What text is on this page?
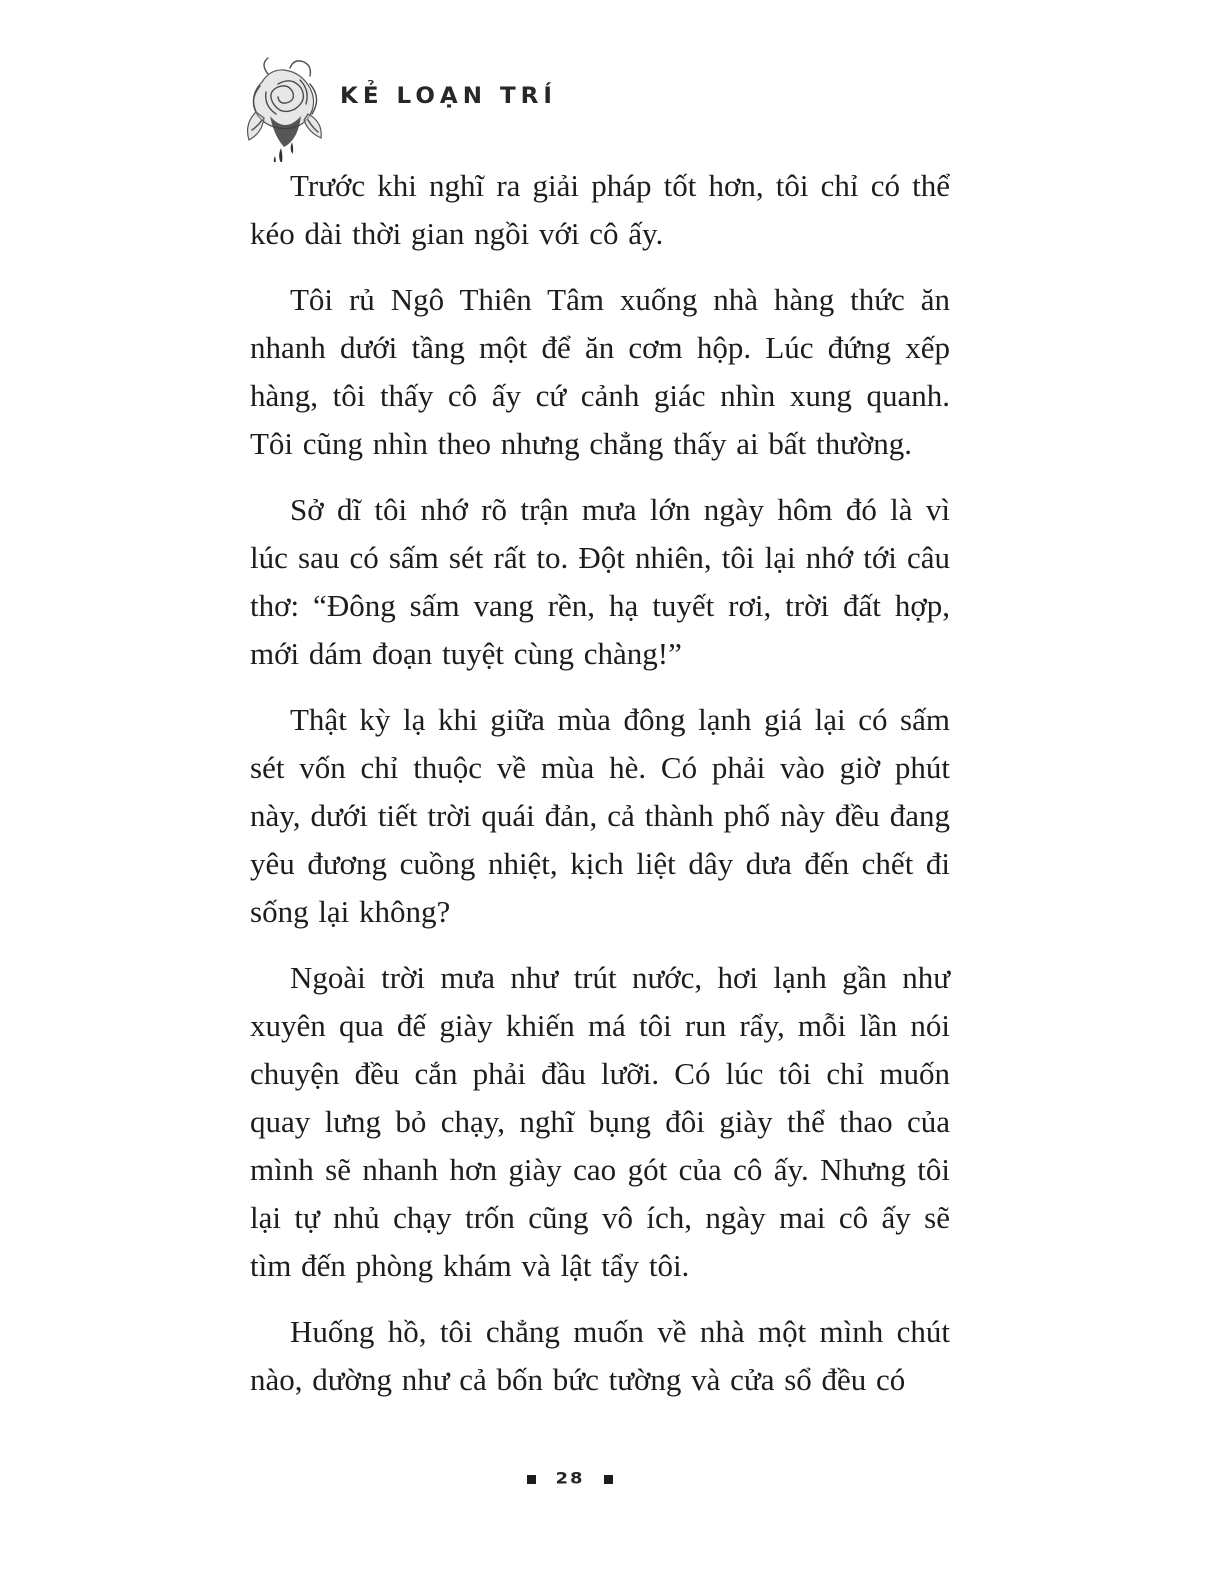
KẺ LOẠN TRÍ

Trước khi nghĩ ra giải pháp tốt hơn, tôi chỉ có thể kéo dài thời gian ngồi với cô ấy.

Tôi rủ Ngô Thiên Tâm xuống nhà hàng thức ăn nhanh dưới tầng một để ăn cơm hộp. Lúc đứng xếp hàng, tôi thấy cô ấy cứ cảnh giác nhìn xung quanh. Tôi cũng nhìn theo nhưng chẳng thấy ai bất thường.

Sở dĩ tôi nhớ rõ trận mưa lớn ngày hôm đó là vì lúc sau có sấm sét rất to. Đột nhiên, tôi lại nhớ tới câu thơ: “Đông sấm vang rền, hạ tuyết rơi, trời đất hợp, mới dám đoạn tuyệt cùng chàng!”

Thật kỳ lạ khi giữa mùa đông lạnh giá lại có sấm sét vốn chỉ thuộc về mùa hè. Có phải vào giờ phút này, dưới tiết trời quái đản, cả thành phố này đều đang yêu đương cuồng nhiệt, kịch liệt dây dưa đến chết đi sống lại không?

Ngoài trời mưa như trút nước, hơi lạnh gần như xuyên qua đế giày khiến má tôi run rẩy, mỗi lần nói chuyện đều cắn phải đầu lưỡi. Có lúc tôi chỉ muốn quay lưng bỏ chạy, nghĩ bụng đôi giày thể thao của mình sẽ nhanh hơn giày cao gót của cô ấy. Nhưng tôi lại tự nhủ chạy trốn cũng vô ích, ngày mai cô ấy sẽ tìm đến phòng khám và lật tẩy tôi.

Huống hồ, tôi chẳng muốn về nhà một mình chút nào, dường như cả bốn bức tường và cửa sổ đều có

28
